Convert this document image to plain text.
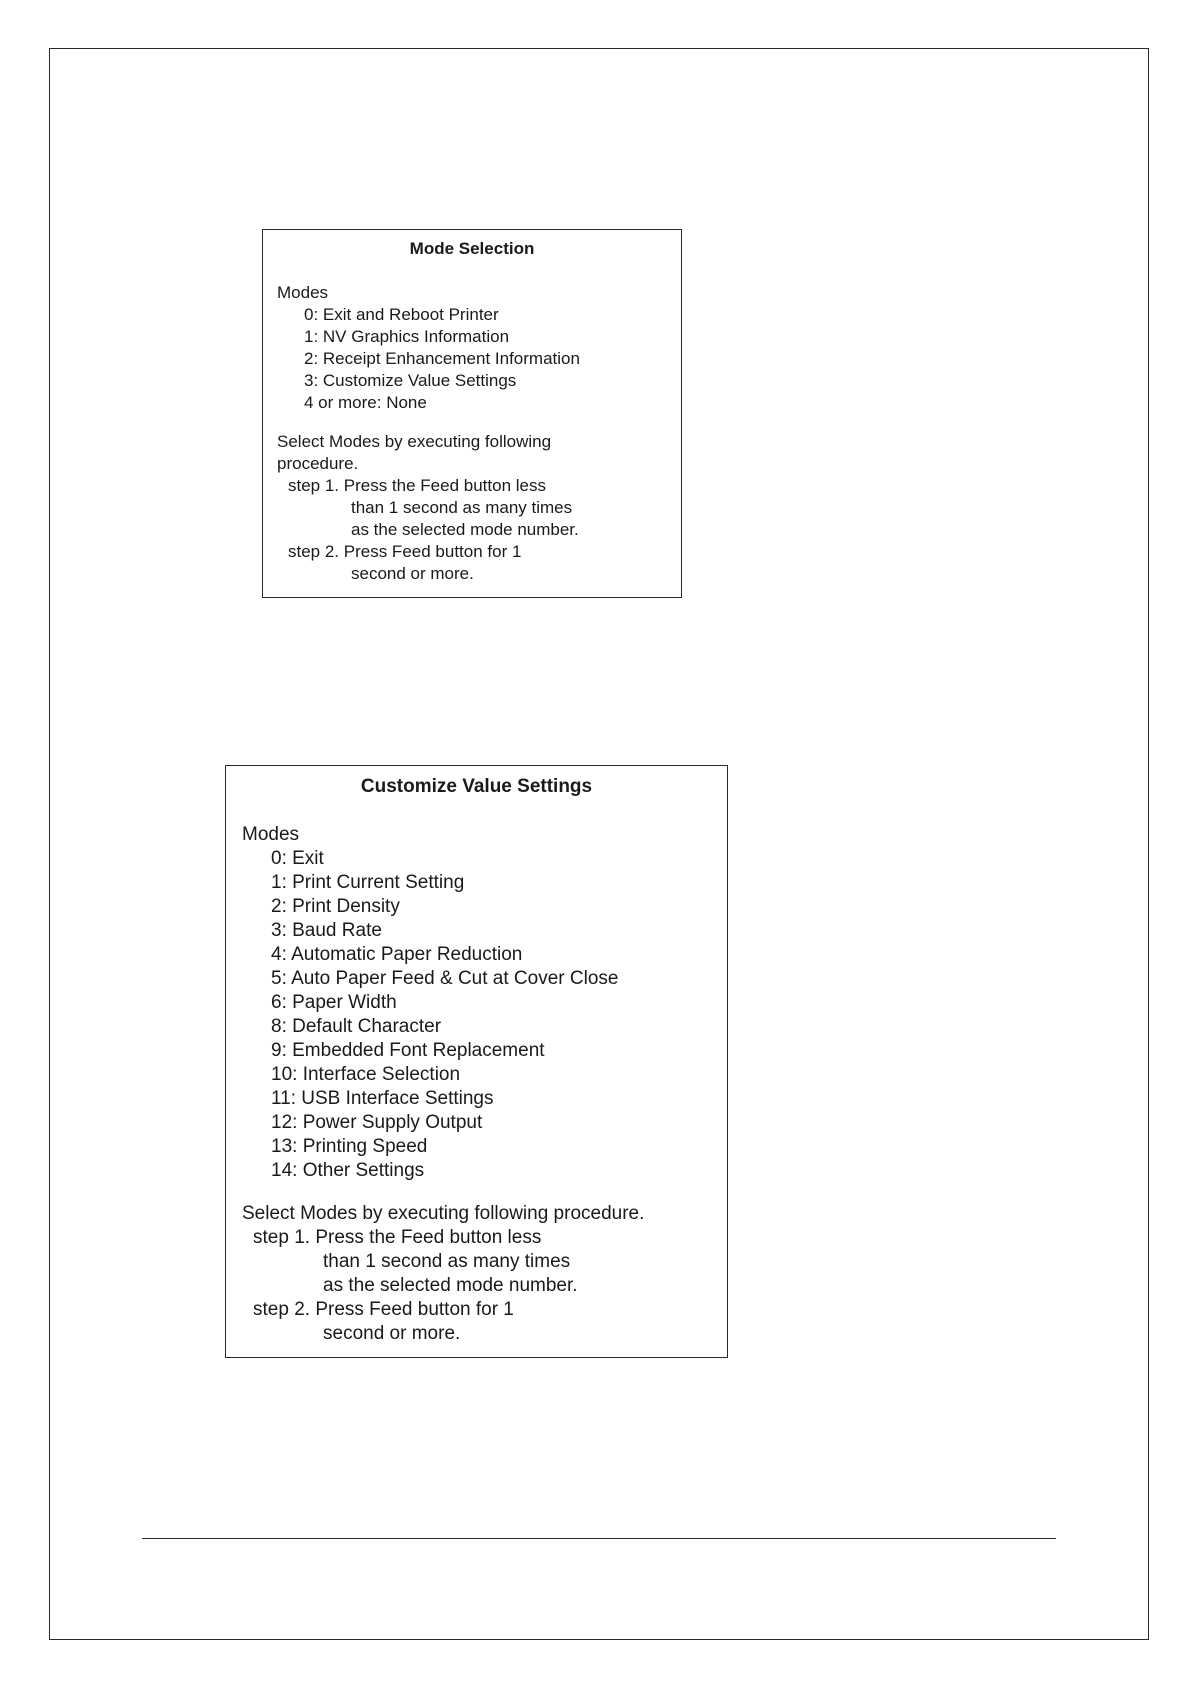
Mode Selection
Modes
0: Exit and Reboot Printer
1: NV Graphics Information
2: Receipt Enhancement Information
3: Customize Value Settings
4 or more: None
Select Modes by executing following
procedure.
step 1. Press the Feed button less
than 1 second as many times
as the selected mode number.
step 2. Press Feed button for 1
second or more.
Customize Value Settings
Modes
0: Exit
1: Print Current Setting
2: Print Density
3: Baud Rate
4: Automatic Paper Reduction
5: Auto Paper Feed & Cut at Cover Close
6: Paper Width
8: Default Character
9: Embedded Font Replacement
10: Interface Selection
11: USB Interface Settings
12: Power Supply Output
13: Printing Speed
14: Other Settings
Select Modes by executing following procedure.
step 1. Press the Feed button less
than 1 second as many times
as the selected mode number.
step 2. Press Feed button for 1
second or more.
